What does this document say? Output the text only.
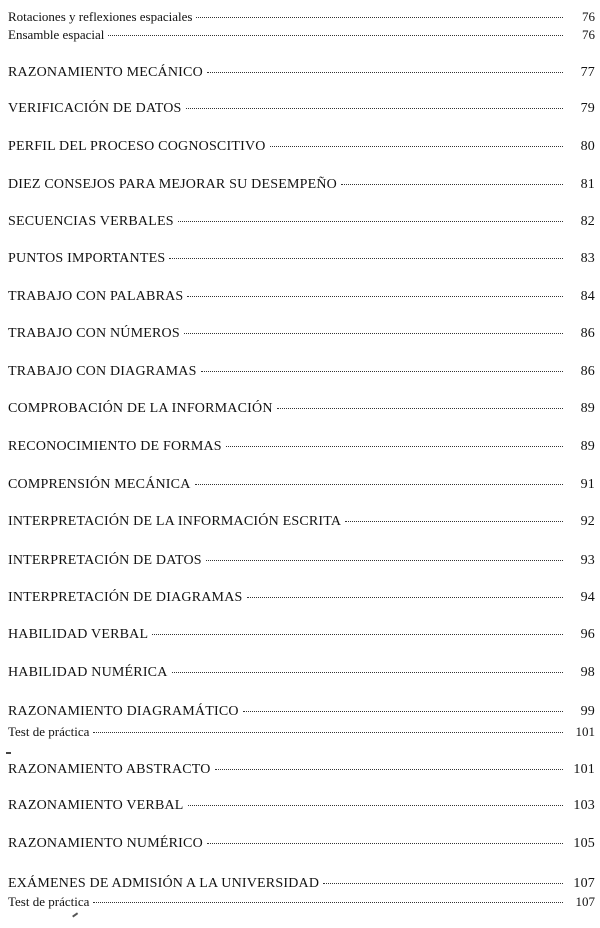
Rotaciones y reflexiones espaciales	76
Ensamble espacial	76
RAZONAMIENTO MECÁNICO	77
VERIFICACIÓN DE DATOS	79
PERFIL DEL PROCESO COGNOSCITIVO	80
DIEZ CONSEJOS PARA MEJORAR SU DESEMPEÑO	81
SECUENCIAS VERBALES	82
PUNTOS IMPORTANTES	83
TRABAJO CON PALABRAS	84
TRABAJO CON NÚMEROS	86
TRABAJO CON DIAGRAMAS	86
COMPROBACIÓN DE LA INFORMACIÓN	89
RECONOCIMIENTO DE FORMAS	89
COMPRENSIÓN MECÁNICA	91
INTERPRETACIÓN DE LA INFORMACIÓN ESCRITA	92
INTERPRETACIÓN DE DATOS	93
INTERPRETACIÓN DE DIAGRAMAS	94
HABILIDAD VERBAL	96
HABILIDAD NUMÉRICA	98
RAZONAMIENTO DIAGRAMÁTICO	99
Test de práctica	101
RAZONAMIENTO ABSTRACTO	101
RAZONAMIENTO VERBAL	103
RAZONAMIENTO NUMÉRICO	105
EXÁMENES DE ADMISIÓN A LA UNIVERSIDAD	107
Test de práctica	107
